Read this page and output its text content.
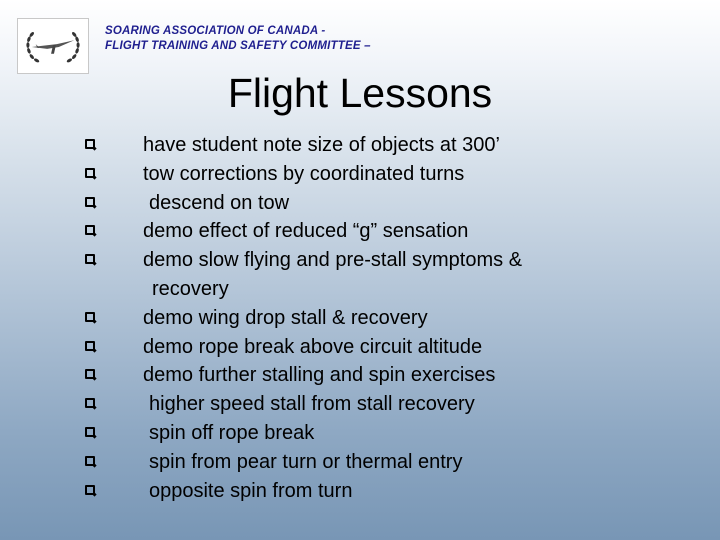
SOARING ASSOCIATION OF CANADA -
FLIGHT TRAINING AND SAFETY COMMITTEE –
Flight Lessons
have student note size of objects at 300’
tow corrections by coordinated turns
descend on tow
demo effect of reduced “g” sensation
demo slow flying and pre-stall symptoms &
recovery
demo wing drop stall & recovery
demo rope break above circuit altitude
demo further stalling and spin exercises
higher speed stall from stall recovery
spin off rope break
spin from pear turn or thermal entry
opposite spin from turn
